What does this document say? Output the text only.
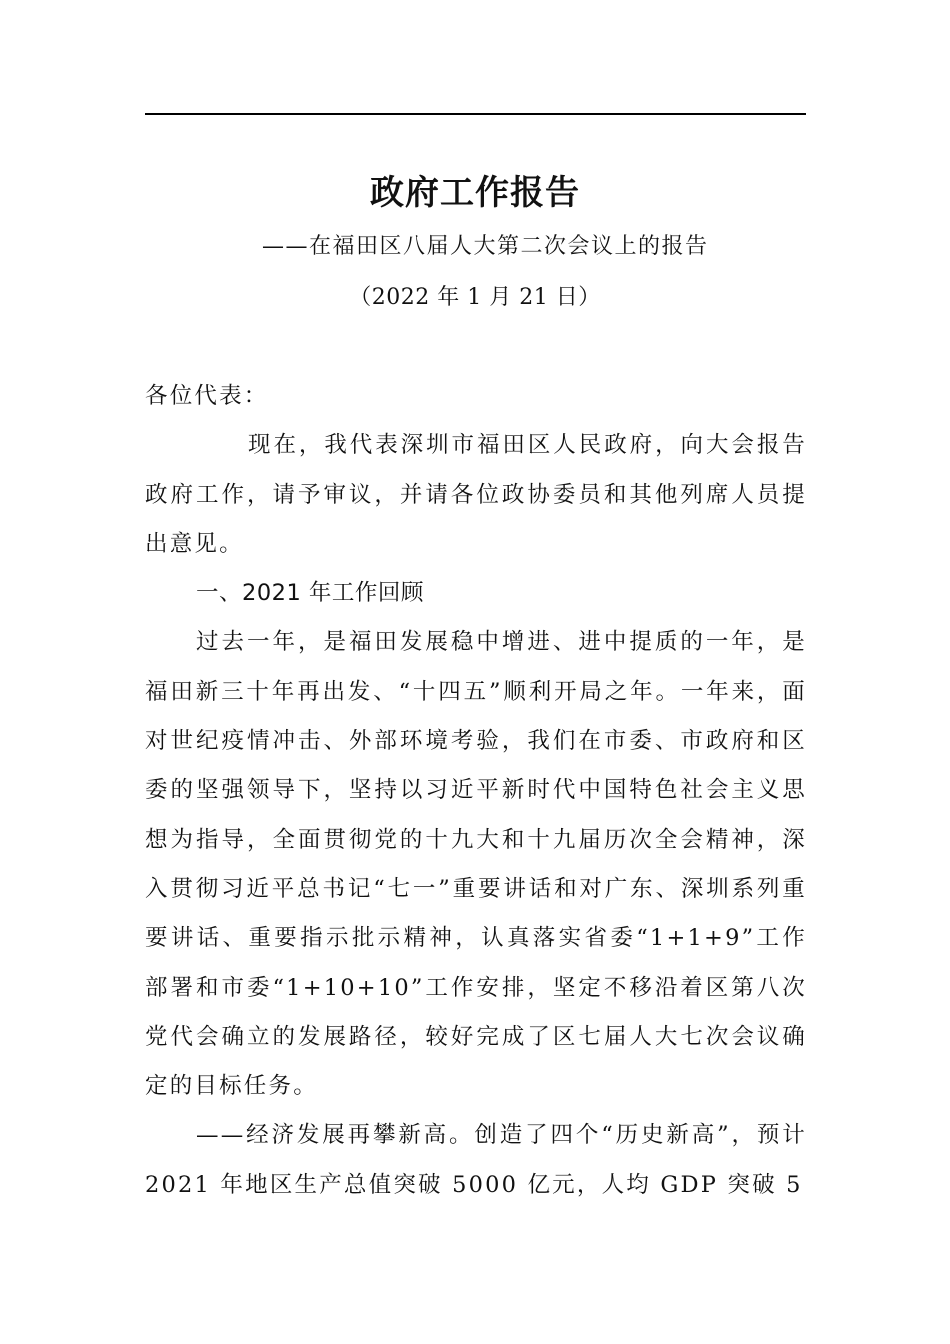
政府工作报告
——在福田区八届人大第二次会议上的报告
（2022 年 1 月 21 日）

各位代表：

现在，我代表深圳市福田区人民政府，向大会报告政府工作，请予审议，并请各位政协委员和其他列席人员提出意见。

一、2021 年工作回顾

过去一年，是福田发展稳中增进、进中提质的一年，是福田新三十年再出发、“十四五”顺利开局之年。一年来，面对世纪疫情冲击、外部环境考验，我们在市委、市政府和区委的坚强领导下，坚持以习近平新时代中国特色社会主义思想为指导，全面贯彻党的十九大和十九届历次全会精神，深入贯彻习近平总书记“七一”重要讲话和对广东、深圳系列重要讲话、重要指示批示精神，认真落实省委“1+1+9”工作部署和市委“1+10+10”工作安排，坚定不移沿着区第八次党代会确立的发展路径，较好完成了区七届人大七次会议确定的目标任务。

——经济发展再攀新高。创造了四个“历史新高”，预计 2021 年地区生产总值突破 5000 亿元，人均 GDP 突破 5
